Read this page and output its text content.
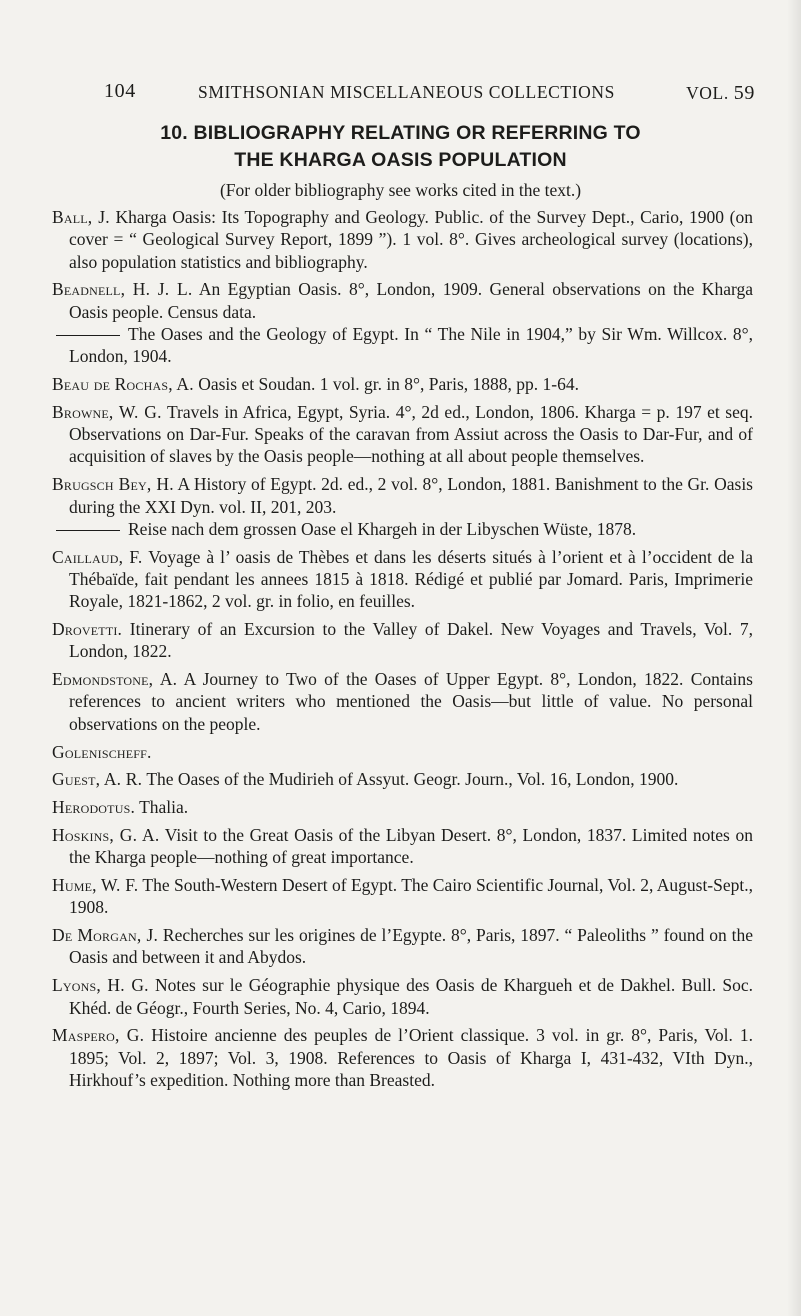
104	SMITHSONIAN MISCELLANEOUS COLLECTIONS	VOL. 59
10. BIBLIOGRAPHY RELATING OR REFERRING TO
THE KHARGA OASIS POPULATION
(For older bibliography see works cited in the text.)
Ball, J. Kharga Oasis: Its Topography and Geology. Public. of the Survey Dept., Cario, 1900 (on cover = “ Geological Survey Report, 1899 ”). 1 vol. 8°. Gives archeological survey (locations), also population statistics and bibliography.
Beadnell, H. J. L. An Egyptian Oasis. 8°, London, 1909. General observations on the Kharga Oasis people. Census data.
The Oases and the Geology of Egypt. In “ The Nile in 1904,” by Sir Wm. Willcox. 8°, London, 1904.
Beau de Rochas, A. Oasis et Soudan. 1 vol. gr. in 8°, Paris, 1888, pp. 1-64.
Browne, W. G. Travels in Africa, Egypt, Syria. 4°, 2d ed., London, 1806. Kharga = p. 197 et seq. Observations on Dar-Fur. Speaks of the caravan from Assiut across the Oasis to Dar-Fur, and of acquisition of slaves by the Oasis people—nothing at all about people themselves.
Brugsch Bey, H. A History of Egypt. 2d. ed., 2 vol. 8°, London, 1881. Banishment to the Gr. Oasis during the XXI Dyn. vol. II, 201, 203.
Reise nach dem grossen Oase el Khargeh in der Libyschen Wüste, 1878.
Caillaud, F. Voyage à l’ oasis de Thèbes et dans les déserts situés à l’orient et à l’occident de la Thébaïde, fait pendant les annees 1815 à 1818. Rédigé et publié par Jomard. Paris, Imprimerie Royale, 1821-1862, 2 vol. gr. in folio, en feuilles.
Drovetti. Itinerary of an Excursion to the Valley of Dakel. New Voyages and Travels, Vol. 7, London, 1822.
Edmondstone, A. A Journey to Two of the Oases of Upper Egypt. 8°, London, 1822. Contains references to ancient writers who mentioned the Oasis—but little of value. No personal observations on the people.
Golenischeff.
Guest, A. R. The Oases of the Mudirieh of Assyut. Geogr. Journ., Vol. 16, London, 1900.
Herodotus. Thalia.
Hoskins, G. A. Visit to the Great Oasis of the Libyan Desert. 8°, London, 1837. Limited notes on the Kharga people—nothing of great importance.
Hume, W. F. The South-Western Desert of Egypt. The Cairo Scientific Journal, Vol. 2, August-Sept., 1908.
De Morgan, J. Recherches sur les origines de l’Egypte. 8°, Paris, 1897. “ Paleoliths ” found on the Oasis and between it and Abydos.
Lyons, H. G. Notes sur le Géographie physique des Oasis de Khargueh et de Dakhel. Bull. Soc. Khéd. de Géogr., Fourth Series, No. 4, Cario, 1894.
Maspero, G. Histoire ancienne des peuples de l’Orient classique. 3 vol. in gr. 8°, Paris, Vol. 1. 1895; Vol. 2, 1897; Vol. 3, 1908. References to Oasis of Kharga I, 431-432, VIth Dyn., Hirkhouf’s expedition. Nothing more than Breasted.
